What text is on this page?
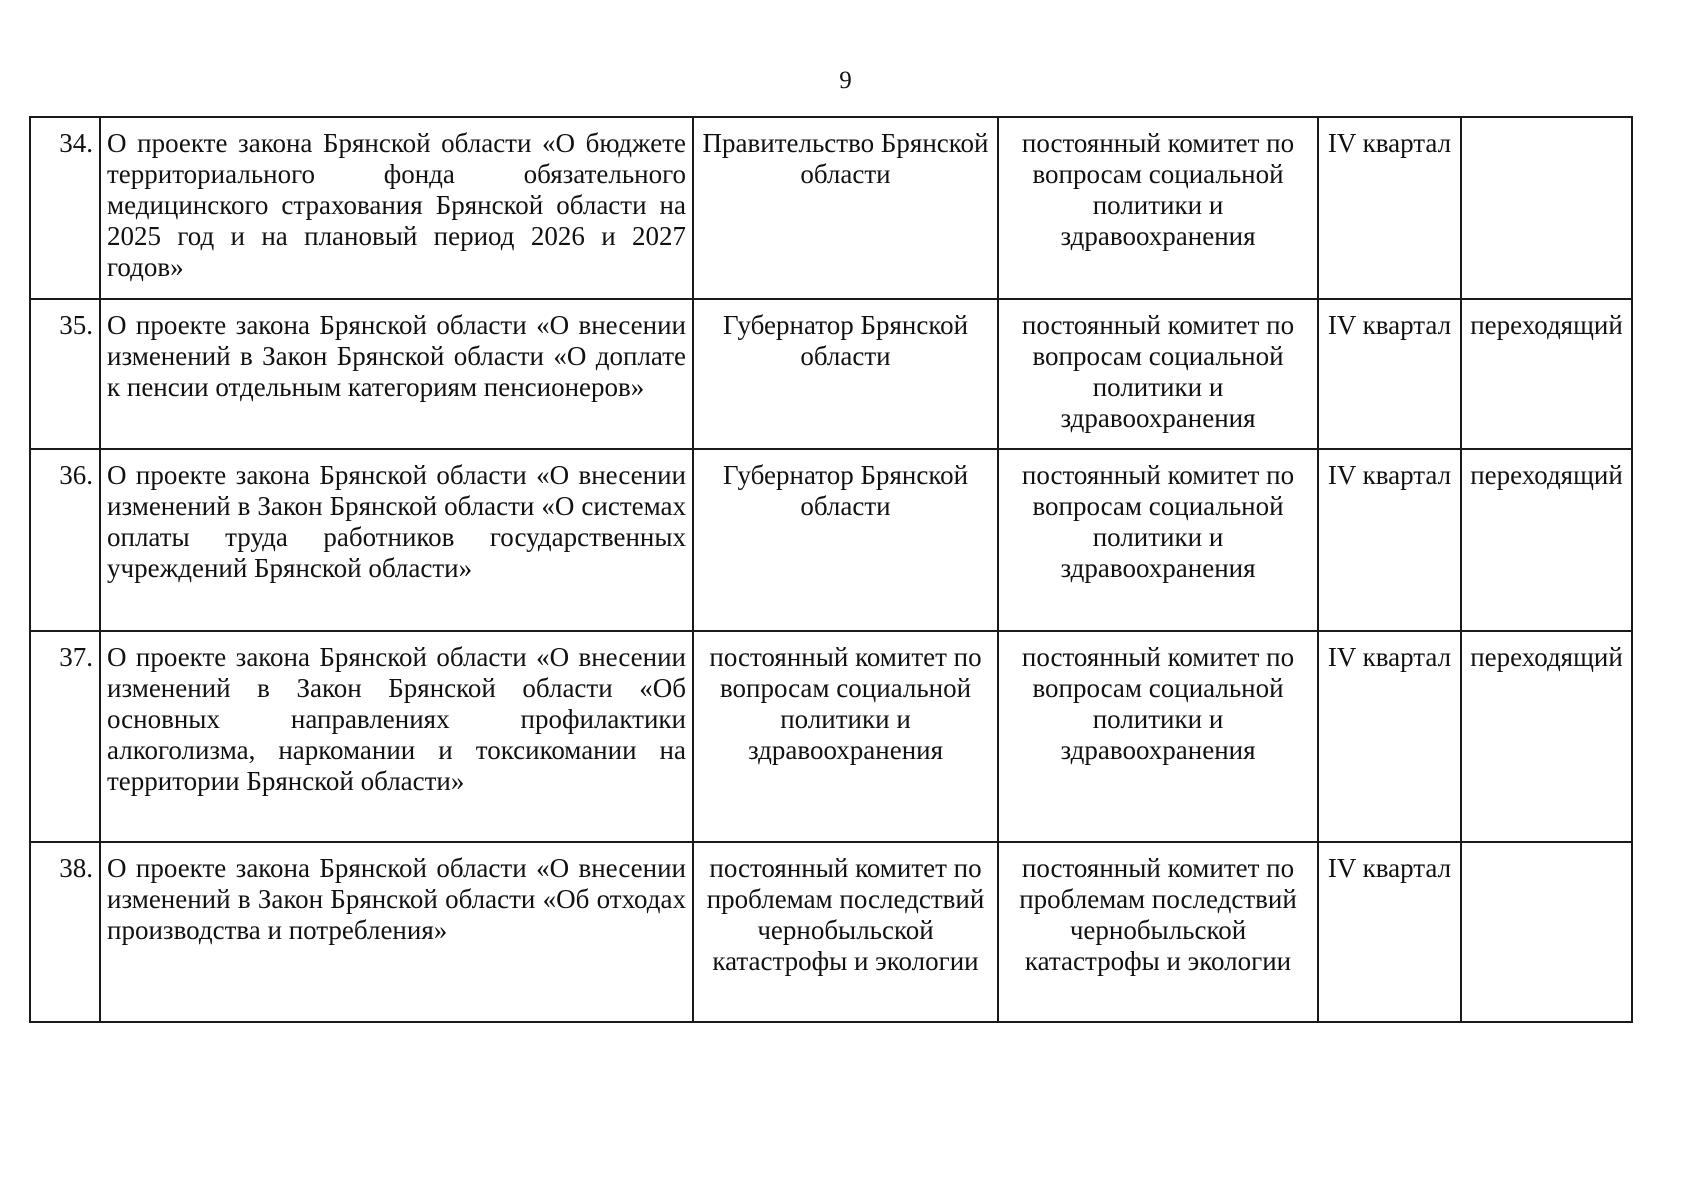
9
34.	О проекте закона Брянской области «О бюджете территориального фонда обязательного медицинского страхования Брянской области на 2025 год и на плановый период 2026 и 2027 годов»	Правительство Брянской области	постоянный комитет по вопросам социальной политики и здравоохранения	IV квартал	
35.	О проекте закона Брянской области «О внесении изменений в Закон Брянской области «О доплате к пенсии отдельным категориям пенсионеров»	Губернатор Брянской области	постоянный комитет по вопросам социальной политики и здравоохранения	IV квартал	переходящий
36.	О проекте закона Брянской области «О внесении изменений в Закон Брянской области «О системах оплаты труда работников государственных учреждений Брянской области»	Губернатор Брянской области	постоянный комитет по вопросам социальной политики и здравоохранения	IV квартал	переходящий
37.	О проекте закона Брянской области «О внесении изменений в Закон Брянской области «Об основных направлениях профилактики алкоголизма, наркомании и токсикомании на территории Брянской области»	постоянный комитет по вопросам социальной политики и здравоохранения	постоянный комитет по вопросам социальной политики и здравоохранения	IV квартал	переходящий
38.	О проекте закона Брянской области «О внесении изменений в Закон Брянской области «Об отходах производства и потребления»	постоянный комитет по проблемам последствий чернобыльской катастрофы и экологии	постоянный комитет по проблемам последствий чернобыльской катастрофы и экологии	IV квартал	
